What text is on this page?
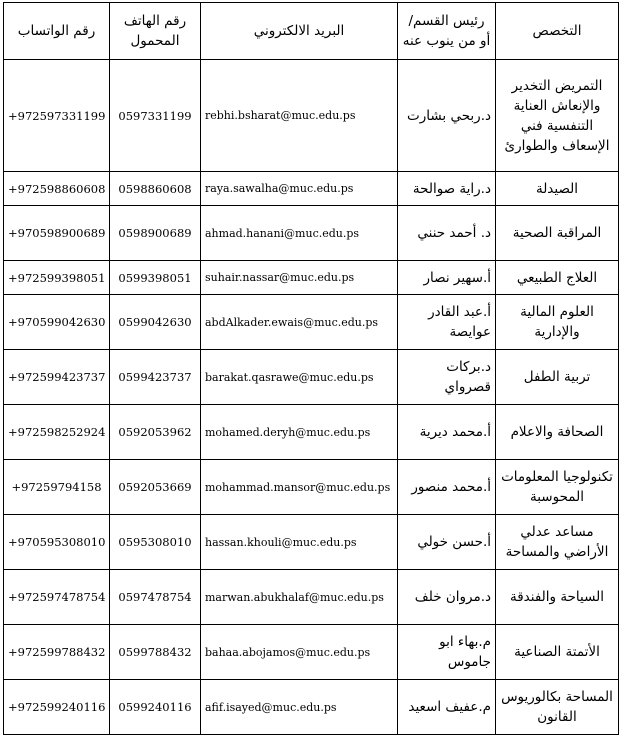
التخصص	رئيس القسم/ أو من ينوب عنه	البريد الالكتروني	رقم الهاتف المحمول	رقم الواتساب
التمريض التخدير والإنعاش العناية التنفسية فني الإسعاف والطوارئ	د.ربحي بشارت	rebhi.bsharat@muc.edu.ps	0597331199	+972597331199
الصيدلة	د.راية صوالحة	raya.sawalha@muc.edu.ps	0598860608	+972598860608
المراقبة الصحية	د. أحمد حنني	ahmad.hanani@muc.edu.ps	0598900689	+970598900689
العلاج الطبيعي	أ.سهير نصار	suhair.nassar@muc.edu.ps	0599398051	+972599398051
العلوم المالية والإدارية	أ.عبد القادر عوايصة	abdAlkader.ewais@muc.edu.ps	0599042630	+970599042630
تربية الطفل	د.بركات قصرواي	barakat.qasrawe@muc.edu.ps	0599423737	+972599423737
الصحافة والاعلام	أ.محمد ديرية	mohamed.deryh@muc.edu.ps	0592053962	+972598252924
تكنولوجيا المعلومات المحوسبة	أ.محمد منصور	mohammad.mansor@muc.edu.ps	0592053669	+97259794158
مساعد عدلي الأراضي والمساحة	أ.حسن خولي	hassan.khouli@muc.edu.ps	0595308010	+970595308010
السياحة والفندقة	د.مروان خلف	marwan.abukhalaf@muc.edu.ps	0597478754	+972597478754
الأتمتة الصناعية	م.بهاء ابو جاموس	bahaa.abojamos@muc.edu.ps	0599788432	+972599788432
المساحة بكالوريوس القانون	م.عفيف اسعيد	afif.isayed@muc.edu.ps	0599240116	+972599240116
